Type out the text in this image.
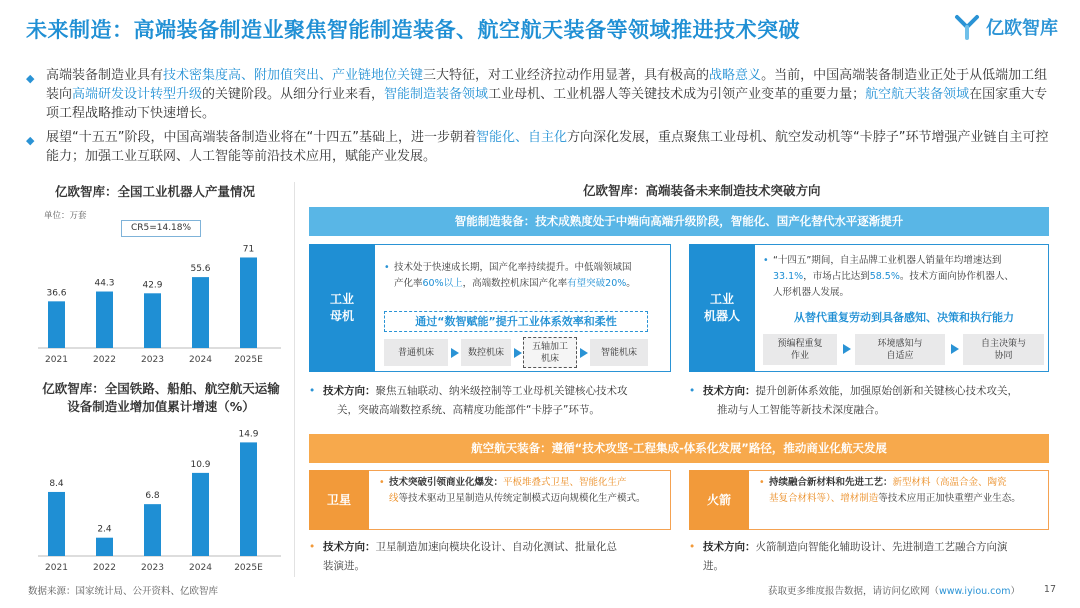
未来制造：高端装备制造业聚焦智能制造装备、航空航天装备等领域推进技术突破	亿欧智库
◆ 高端装备制造业具有技术密集度高、附加值突出、产业链地位关键三大特征，对工业经济拉动作用显著，具有极高的战略意义。当前，中国高端装备制造业正处于从低端加工组装向高端研发设计转型升级的关键阶段。从细分行业来看，智能制造装备领域工业母机、工业机器人等关键技术成为引领产业变革的重要力量；航空航天装备领域在国家重大专项工程战略推动下快速增长。
◆ 展望“十五五”阶段，中国高端装备制造业将在“十四五”基础上，进一步朝着智能化、自主化方向深化发展，重点聚焦工业母机、航空发动机等“卡脖子”环节增强产业链自主可控能力；加强工业互联网、人工智能等前沿技术应用，赋能产业发展。
亿欧智库：全国工业机器人产量情况
单位：万套
CR5=14.18%
36.6
2021
44.3
2022
42.9
2023
55.6
2024
71
2025E
亿欧智库：全国铁路、船舶、航空航天运输
设备制造业增加值累计增速（%）
8.4
2021
2.4
2022
6.8
2023
10.9
2024
14.9
2025E
亿欧智库：高端装备未来制造技术突破方向
智能制造装备：技术成熟度处于中端向高端升级阶段，智能化、国产化替代水平逐渐提升
工业
母机
• 技术处于快速成长期，国产化率持续提升。中低端领域国
产化率60%以上，高端数控机床国产化率有望突破20%。
通过“数智赋能”提升工业体系效率和柔性
普通机床	数控机床
五轴加工
机床
智能机床
工业
机器人
• “十四五”期间，自主品牌工业机器人销量年均增速达到
33.1%，市场占比达到58.5%。技术方面向协作机器人、
人形机器人发展。
从替代重复劳动到具备感知、决策和执行能力
预编程重复
作业
环境感知与
自适应
自主决策与
协同
• 技术方向：聚焦五轴联动、纳米级控制等工业母机关键核心技术攻
关，突破高端数控系统、高精度功能部件“卡脖子”环节。
• 技术方向：提升创新体系效能，加强原始创新和关键核心技术攻关，
推动与人工智能等新技术深度融合。
航空航天装备：遵循“技术攻坚-工程集成-体系化发展”路径，推动商业化航天发展
卫星
• 技术突破引领商业化爆发：平板堆叠式卫星、智能化生产
线等技术驱动卫星制造从传统定制模式迈向规模化生产模式。	火箭
• 持续融合新材料和先进工艺：新型材料（高温合金、陶瓷
基复合材料等）、增材制造等技术应用正加快重塑产业生态。
• 技术方向：卫星制造加速向模块化设计、自动化测试、批量化总
装演进。
• 技术方向：火箭制造向智能化辅助设计、先进制造工艺融合方向演
进。
数据来源：国家统计局、公开资料、亿欧智库	获取更多维度报告数据，请访问亿欧网（www.iyiou.com）	17
